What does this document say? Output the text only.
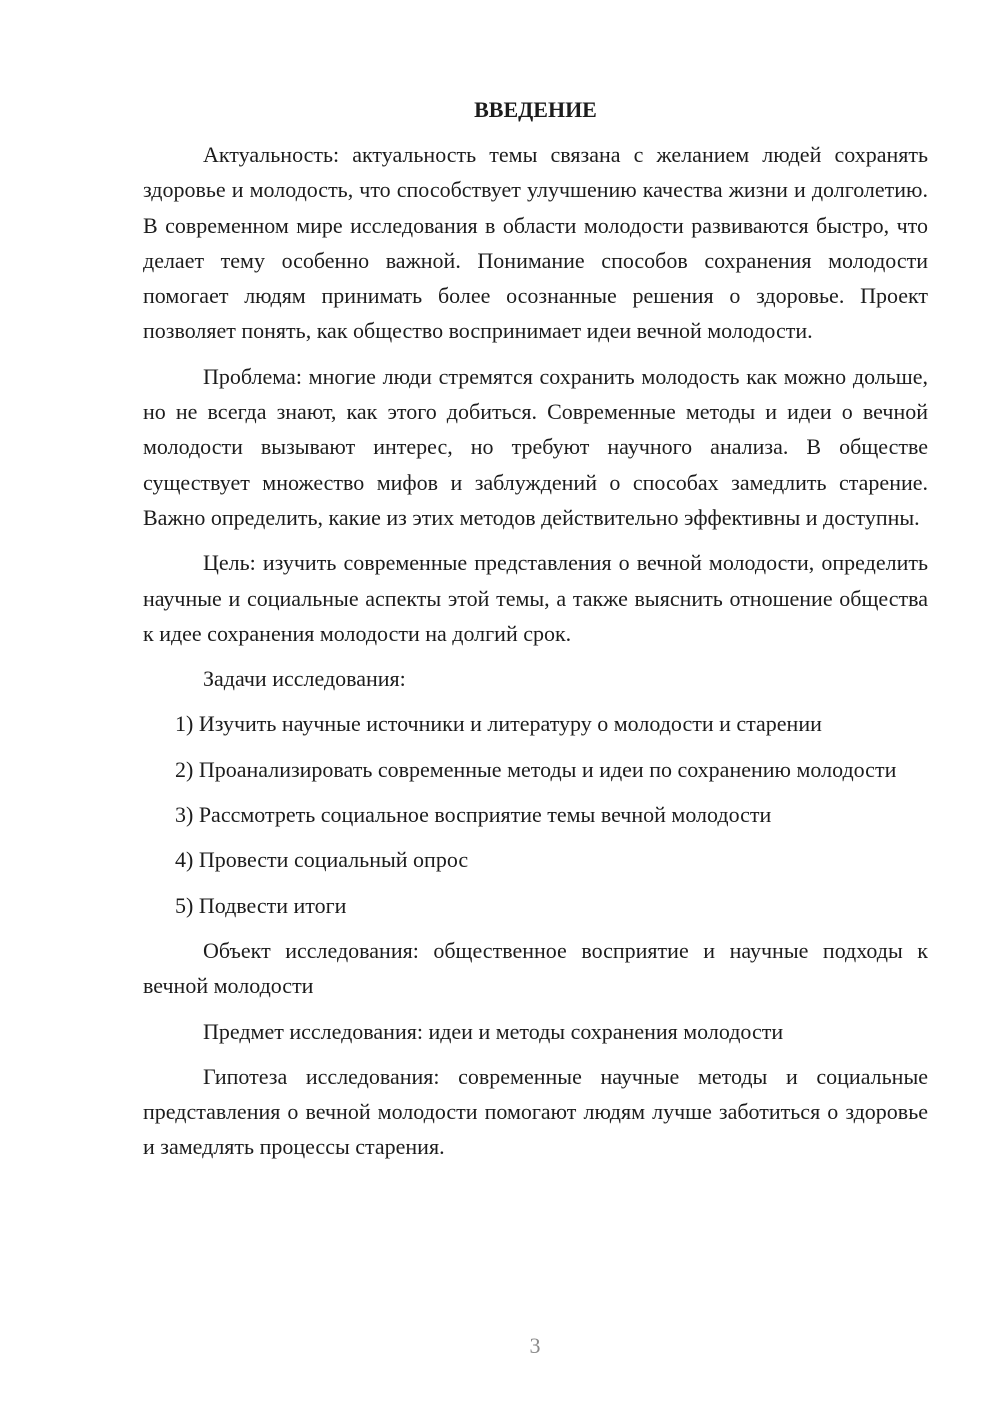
ВВЕДЕНИЕ

Актуальность: актуальность темы связана с желанием людей сохранять здоровье и молодость, что способствует улучшению качества жизни и долголетию. В современном мире исследования в области молодости развиваются быстро, что делает тему особенно важной. Понимание способов сохранения молодости помогает людям принимать более осознанные решения о здоровье. Проект позволяет понять, как общество воспринимает идеи вечной молодости.

Проблема: многие люди стремятся сохранить молодость как можно дольше, но не всегда знают, как этого добиться. Современные методы и идеи о вечной молодости вызывают интерес, но требуют научного анализа. В обществе существует множество мифов и заблуждений о способах замедлить старение. Важно определить, какие из этих методов действительно эффективны и доступны.

Цель: изучить современные представления о вечной молодости, определить научные и социальные аспекты этой темы, а также выяснить отношение общества к идее сохранения молодости на долгий срок.

Задачи исследования:

1) Изучить научные источники и литературу о молодости и старении

2) Проанализировать современные методы и идеи по сохранению молодости

3) Рассмотреть социальное восприятие темы вечной молодости

4) Провести социальный опрос

5) Подвести итоги

Объект исследования: общественное восприятие и научные подходы к вечной молодости

Предмет исследования: идеи и методы сохранения молодости

Гипотеза исследования: современные научные методы и социальные представления о вечной молодости помогают людям лучше заботиться о здоровье и замедлять процессы старения.

3
